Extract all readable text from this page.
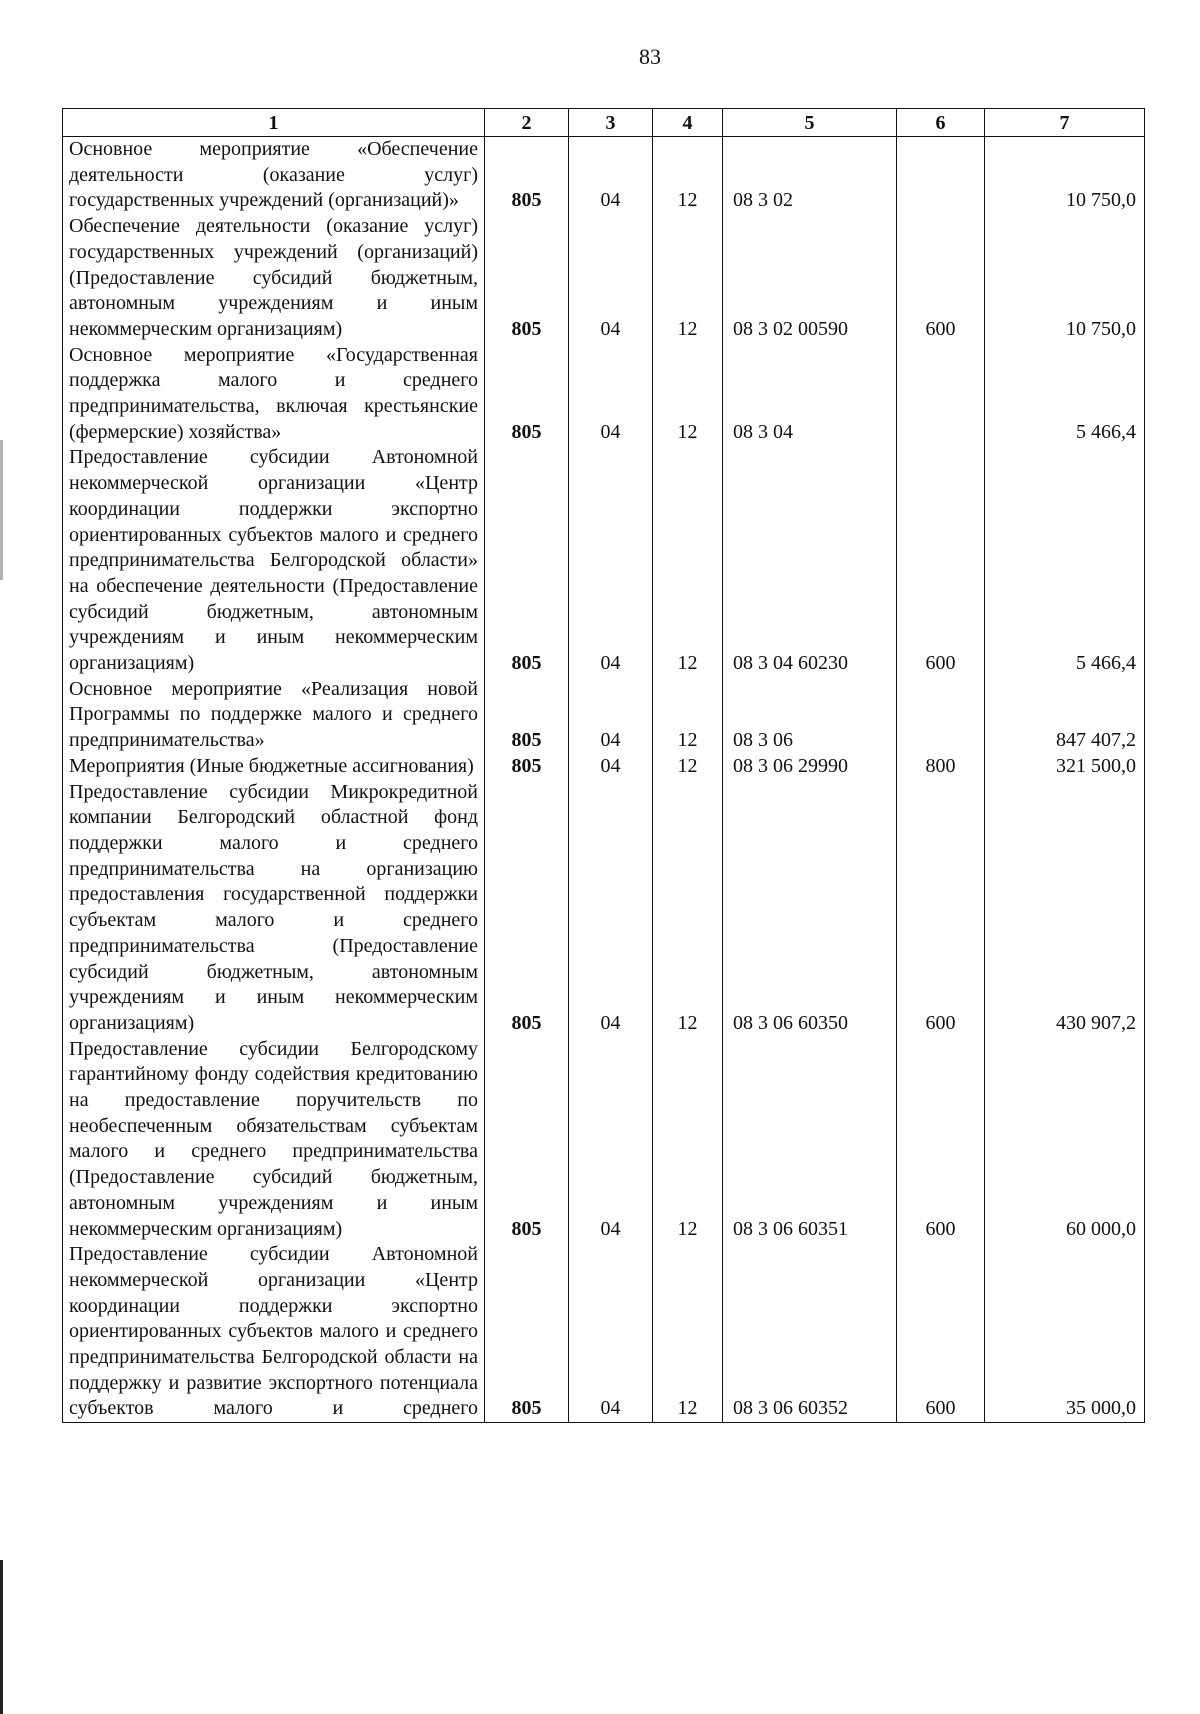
83
1	2	3	4	5	6	7
Основное мероприятие «Обеспечение деятельности (оказание услуг) государственных учреждений (организаций)»	805	04	12	08 3 02		10 750,0
Обеспечение деятельности (оказание услуг) государственных учреждений (организаций) (Предоставление субсидий бюджетным, автономным учреждениям и иным некоммерческим организациям)	805	04	12	08 3 02 00590	600	10 750,0
Основное мероприятие «Государственная поддержка малого и среднего предпринимательства, включая крестьянские (фермерские) хозяйства»	805	04	12	08 3 04		5 466,4
Предоставление субсидии Автономной некоммерческой организации «Центр координации поддержки экспортно ориентированных субъектов малого и среднего предпринимательства Белгородской области» на обеспечение деятельности (Предоставление субсидий бюджетным, автономным учреждениям и иным некоммерческим организациям)	805	04	12	08 3 04 60230	600	5 466,4
Основное мероприятие «Реализация новой Программы по поддержке малого и среднего предпринимательства»	805	04	12	08 3 06		847 407,2
Мероприятия (Иные бюджетные ассигнования)	805	04	12	08 3 06 29990	800	321 500,0
Предоставление субсидии Микрокредитной компании Белгородский областной фонд поддержки малого и среднего предпринимательства на организацию предоставления государственной поддержки субъектам малого и среднего предпринимательства (Предоставление субсидий бюджетным, автономным учреждениям и иным некоммерческим организациям)	805	04	12	08 3 06 60350	600	430 907,2
Предоставление субсидии Белгородскому гарантийному фонду содействия кредитованию на предоставление поручительств по необеспеченным обязательствам субъектам малого и среднего предпринимательства (Предоставление субсидий бюджетным, автономным учреждениям и иным некоммерческим организациям)	805	04	12	08 3 06 60351	600	60 000,0
Предоставление субсидии Автономной некоммерческой организации «Центр координации поддержки экспортно ориентированных субъектов малого и среднего предпринимательства Белгородской области на поддержку и развитие экспортного потенциала субъектов малого и среднего	805	04	12	08 3 06 60352	600	35 000,0
